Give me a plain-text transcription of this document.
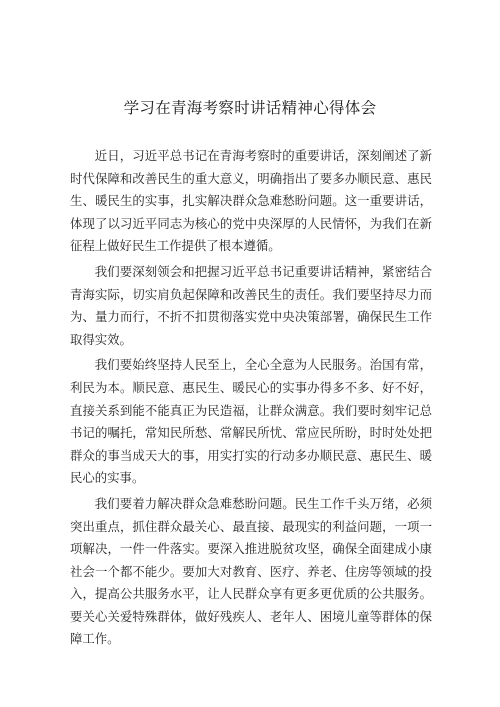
学习在青海考察时讲话精神心得体会

近日，习近平总书记在青海考察时的重要讲话，深刻阐述了新时代保障和改善民生的重大意义，明确指出了要多办顺民意、惠民生、暖民生的实事，扎实解决群众急难愁盼问题。这一重要讲话，体现了以习近平同志为核心的党中央深厚的人民情怀，为我们在新征程上做好民生工作提供了根本遵循。

我们要深刻领会和把握习近平总书记重要讲话精神，紧密结合青海实际，切实肩负起保障和改善民生的责任。我们要坚持尽力而为、量力而行，不折不扣贯彻落实党中央决策部署，确保民生工作取得实效。

我们要始终坚持人民至上，全心全意为人民服务。治国有常，利民为本。顺民意、惠民生、暖民心的实事办得多不多、好不好，直接关系到能不能真正为民造福，让群众满意。我们要时刻牢记总书记的嘱托，常知民所愁、常解民所忧、常应民所盼，时时处处把群众的事当成天大的事，用实打实的行动多办顺民意、惠民生、暖民心的实事。

我们要着力解决群众急难愁盼问题。民生工作千头万绪，必须突出重点，抓住群众最关心、最直接、最现实的利益问题，一项一项解决，一件一件落实。要深入推进脱贫攻坚，确保全面建成小康社会一个都不能少。要加大对教育、医疗、养老、住房等领域的投入，提高公共服务水平，让人民群众享有更多更优质的公共服务。要关心关爱特殊群体，做好残疾人、老年人、困境儿童等群体的保障工作。
